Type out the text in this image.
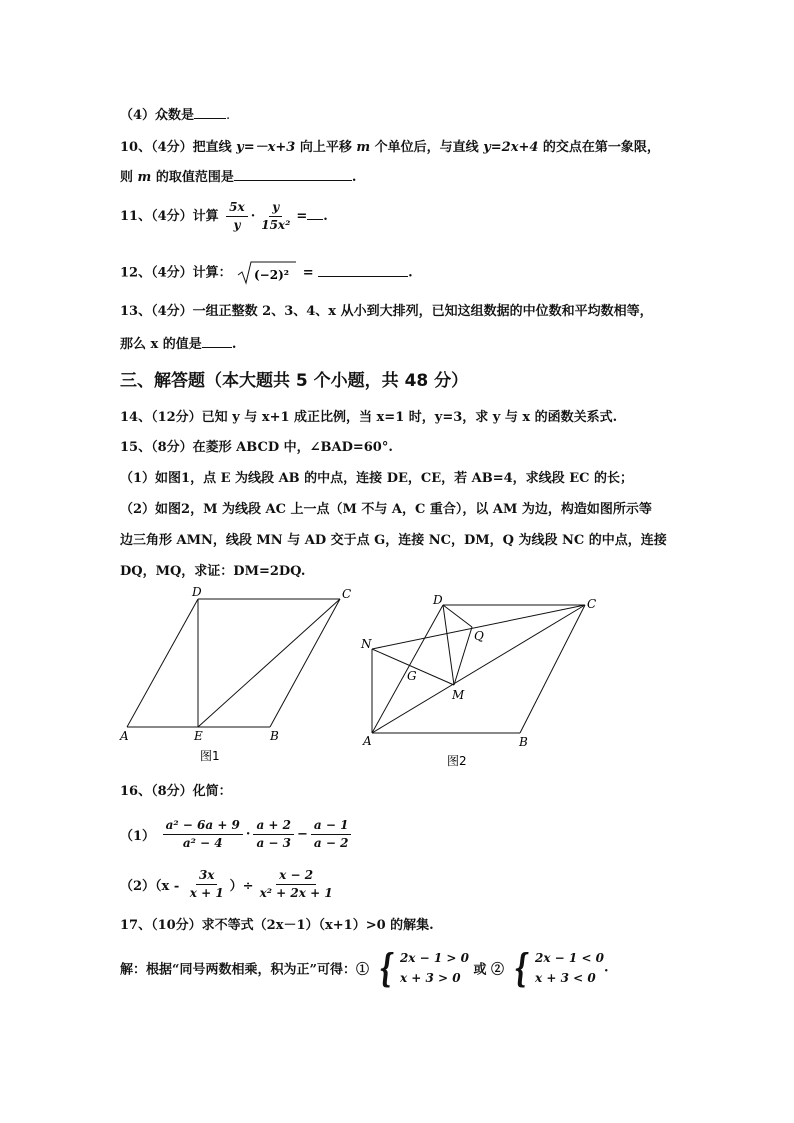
（4）众数是 .
10、（4分）把直线 y=－x+3 向上平移 m 个单位后，与直线 y=2x+4 的交点在第一象限，
则 m 的取值范围是	.
11、（4分）计算 $\frac{5x}{y} \cdot \frac{y}{\text{15x²}}$ = .
12、（4分）计算： (−2)² =	.
13、（4分）一组正整数 2、3、4、x 从小到大排列，已知这组数据的中位数和平均数相等，
那么 x 的值是 .
三、解答题（本大题共 5 个小题，共 48 分）
14、（12分）已知 y 与 x+1 成正比例，当 x=1 时，y=3，求 y 与 x 的函数关系式.
15、（8分）在菱形 ABCD 中，∠BAD=60°.
（1）如图1，点 E 为线段 AB 的中点，连接 DE，CE，若 AB=4，求线段 EC 的长；
（2）如图2，M 为线段 AC 上一点（M 不与 A，C 重合），以 AM 为边，构造如图所示等
边三角形 AMN，线段 MN 与 AD 交于点 G，连接 NC，DM，Q 为线段 NC 的中点，连接
DQ，MQ，求证：DM=2DQ.
A	B
C
D
E
图1
A	B
C
D
N
G
M
Q
图2
16、（8分）化简：
$(1) \frac{\text{a² − 6a + 9}}{\text{a² − 4}} \cdot \frac{a + 2}{a - 3} - \frac{a - 1}{a - 2}$
$(2)(x - \frac{3x}{x + 1}$ ）÷ $\frac{x - 2}{\text{x² + 2x + 1}}$
17、（10分）求不等式（2x－1）（x+1）>0 的解集.
解：根据“同号两数相乘，积为正”可得：① { 2x − 1 > 0
x + 3 > 0
或 ② { 2x − 1 < 0
x + 3 < 0
.
